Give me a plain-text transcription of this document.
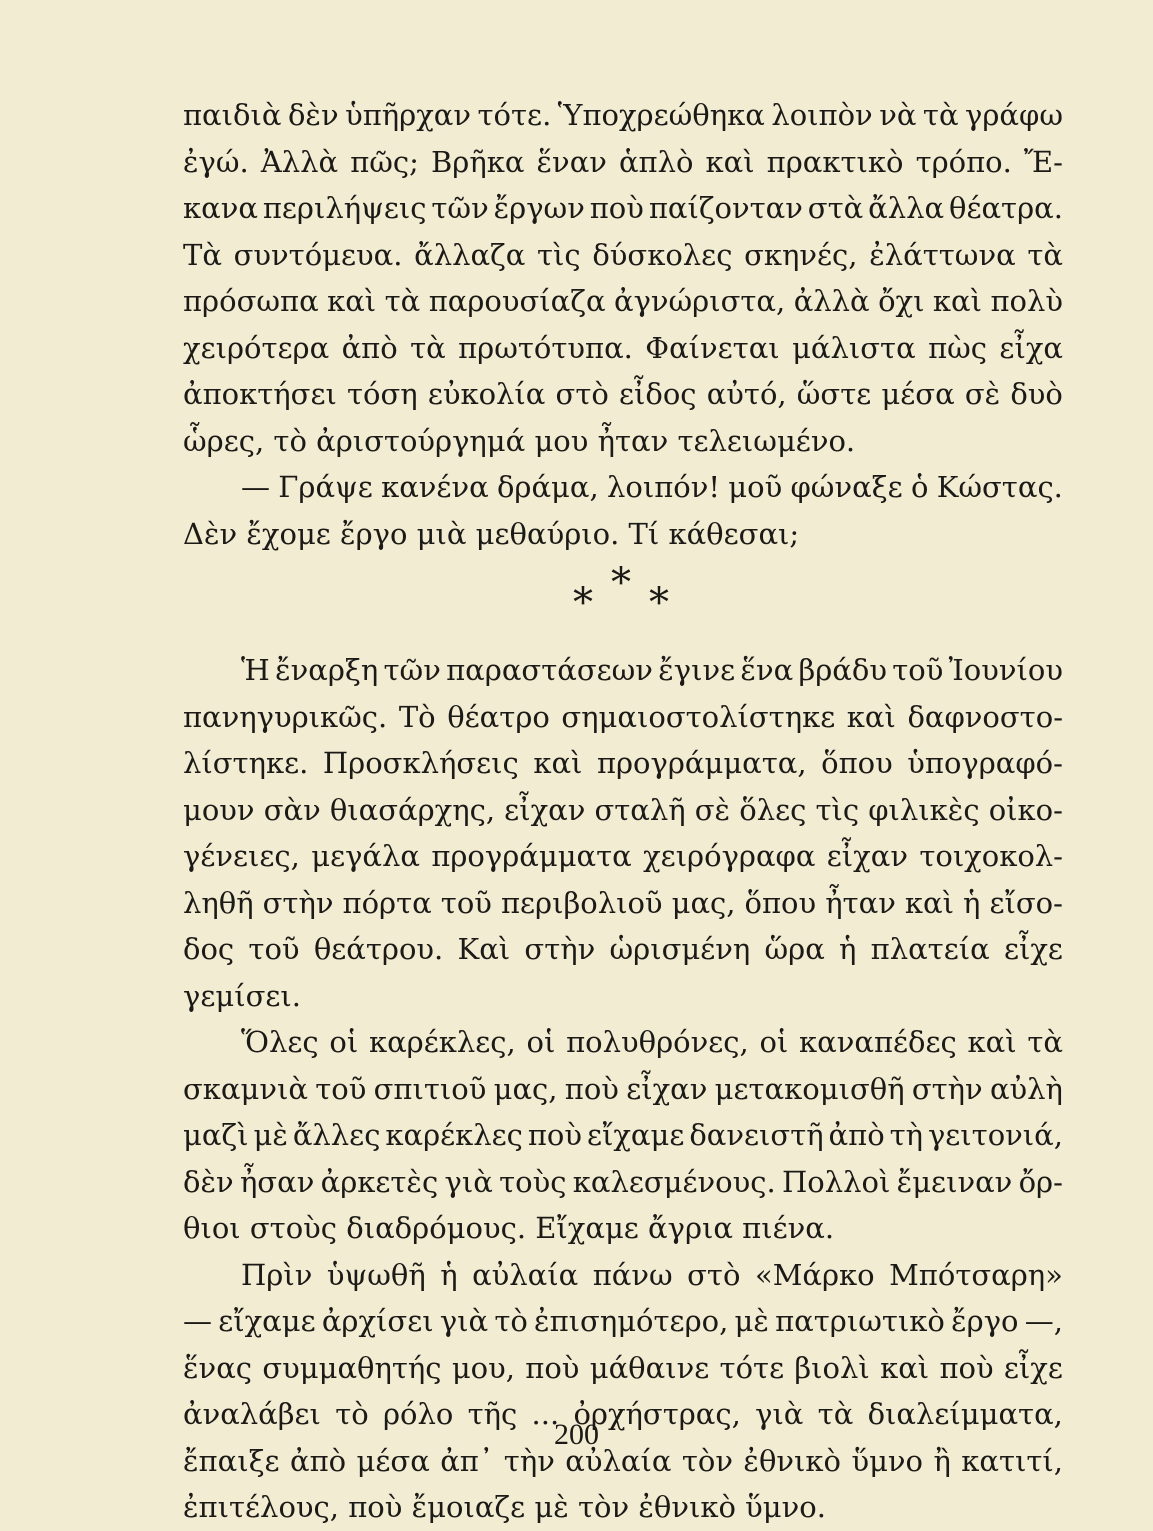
παιδιὰ δὲν ὑπῆρχαν τότε. Ὑποχρεώθηκα λοιπὸν νὰ τὰ γράφω
ἐγώ. Ἀλλὰ πῶς; Βρῆκα ἕναν ἁπλὸ καὶ πρακτικὸ τρόπο. Ἔ-
κανα περιλήψεις τῶν ἔργων ποὺ παίζονταν στὰ ἄλλα θέατρα.
Τὰ συντόμευα. ἄλλαζα τὶς δύσκολες σκηνές, ἐλάττωνα τὰ
πρόσωπα καὶ τὰ παρουσίαζα ἀγνώριστα, ἀλλὰ ὄχι καὶ πολὺ
χειρότερα ἀπὸ τὰ πρωτότυπα. Φαίνεται μάλιστα πὼς εἶχα
ἀποκτήσει τόση εὐκολία στὸ εἶδος αὐτό, ὥστε μέσα σὲ δυὸ
ὧρες, τὸ ἀριστούργημά μου ἦταν τελειωμένο.
— Γράψε κανένα δράμα, λοιπόν! μοῦ φώναξε ὁ Κώστας.
Δὲν ἔχομε ἔργο μιὰ μεθαύριο. Τί κάθεσαι;
* * *
Ἡ ἔναρξη τῶν παραστάσεων ἔγινε ἕνα βράδυ τοῦ Ἰουνίου
πανηγυρικῶς. Τὸ θέατρο σημαιοστολίστηκε καὶ δαφνοστο-
λίστηκε. Προσκλήσεις καὶ προγράμματα, ὅπου ὑπογραφό-
μουν σὰν θιασάρχης, εἶχαν σταλῆ σὲ ὅλες τὶς φιλικὲς οἰκο-
γένειες, μεγάλα προγράμματα χειρόγραφα εἶχαν τοιχοκολ-
ληθῆ στὴν πόρτα τοῦ περιβολιοῦ μας, ὅπου ἦταν καὶ ἡ εἴσο-
δος τοῦ θεάτρου. Καὶ στὴν ὡρισμένη ὥρα ἡ πλατεία εἶχε
γεμίσει.
Ὅλες οἱ καρέκλες, οἱ πολυθρόνες, οἱ καναπέδες καὶ τὰ
σκαμνιὰ τοῦ σπιτιοῦ μας, ποὺ εἶχαν μετακομισθῆ στὴν αὐλὴ
μαζὶ μὲ ἄλλες καρέκλες ποὺ εἴχαμε δανειστῆ ἀπὸ τὴ γειτονιά,
δὲν ἦσαν ἀρκετὲς γιὰ τοὺς καλεσμένους. Πολλοὶ ἔμειναν ὄρ-
θιοι στοὺς διαδρόμους. Εἴχαμε ἄγρια πιένα.
Πρὶν ὑψωθῆ ἡ αὐλαία πάνω στὸ «Μάρκο Μπότσαρη»
— εἴχαμε ἀρχίσει γιὰ τὸ ἐπισημότερο, μὲ πατριωτικὸ ἔργο —,
ἕνας συμμαθητής μου, ποὺ μάθαινε τότε βιολὶ καὶ ποὺ εἶχε
ἀναλάβει τὸ ρόλο τῆς ... ὀρχήστρας, γιὰ τὰ διαλείμματα,
ἔπαιξε ἀπὸ μέσα ἀπ᾽ τὴν αὐλαία τὸν ἐθνικὸ ὕμνο ἢ κατιτί,
ἐπιτέλους, ποὺ ἔμοιαζε μὲ τὸν ἐθνικὸ ὕμνο.
200
